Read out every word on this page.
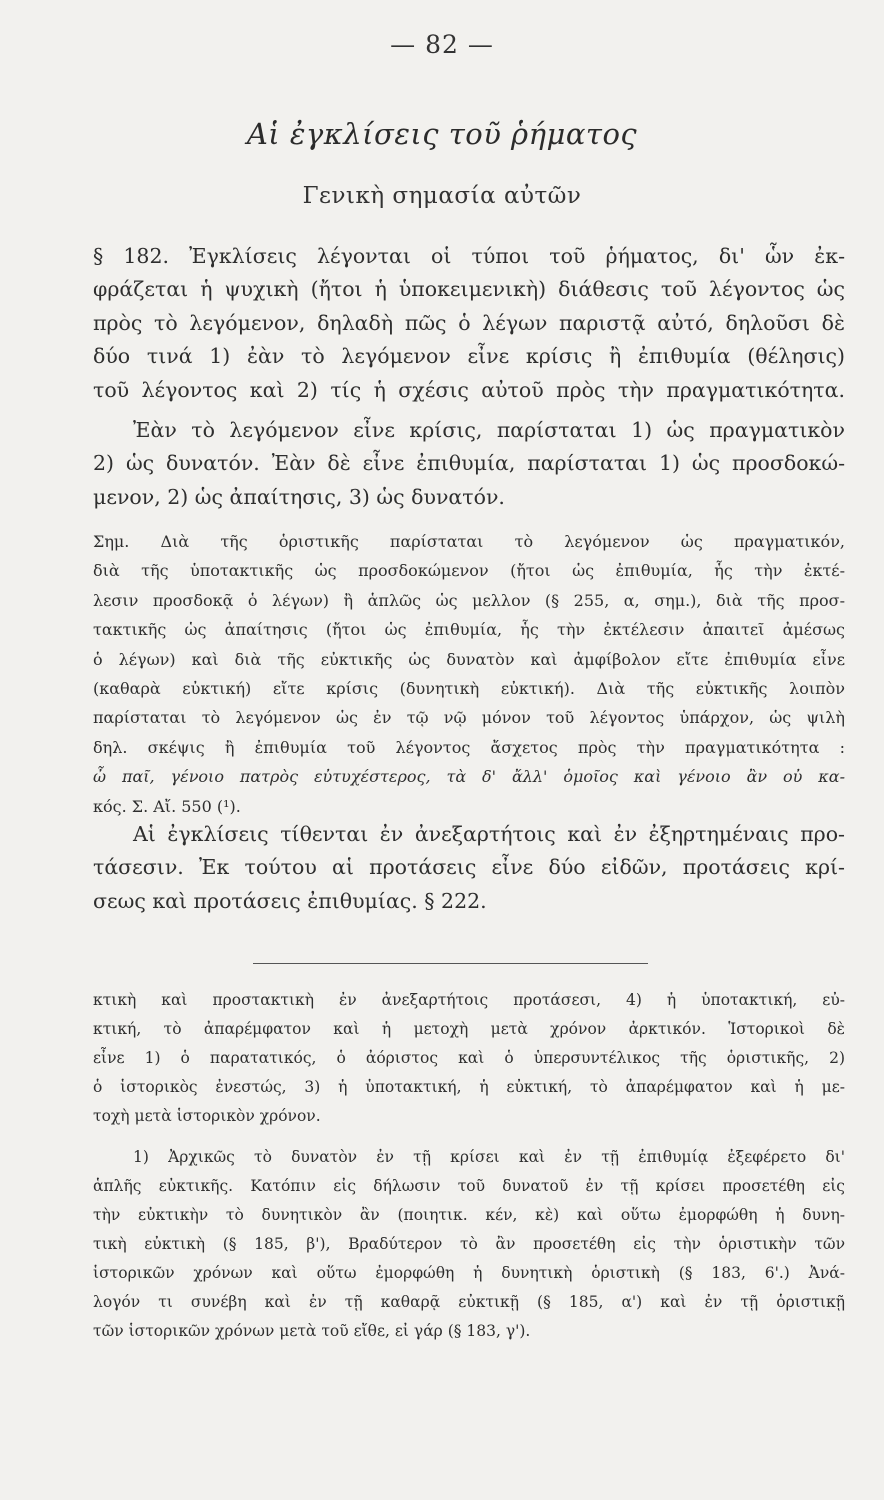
— 82 —
Αἱ ἐγκλίσεις τοῦ ῥήματος
Γενικὴ σημασία αὐτῶν
§ 182. Ἐγκλίσεις λέγονται οἱ τύποι τοῦ ῥήματος, δι' ὧν ἐκ-
φράζεται ἡ ψυχικὴ (ἤτοι ἡ ὑποκειμενικὴ) διάθεσις τοῦ λέγοντος ὡς
πρὸς τὸ λεγόμενον, δηλαδὴ πῶς ὁ λέγων παριστᾷ αὐτό, δηλοῦσι δὲ
δύο τινά 1) ἐὰν τὸ λεγόμενον εἶνε κρίσις ἢ ἐπιθυμία (θέλησις)
τοῦ λέγοντος καὶ 2) τίς ἡ σχέσις αὐτοῦ πρὸς τὴν πραγματικότητα.
Ἐὰν τὸ λεγόμενον εἶνε κρίσις, παρίσταται 1) ὡς πραγματικὸν
2) ὡς δυνατόν. Ἐὰν δὲ εἶνε ἐπιθυμία, παρίσταται 1) ὡς προσδοκώ-
μενον, 2) ὡς ἀπαίτησις, 3) ὡς δυνατόν.
Σημ. Διὰ τῆς ὁριστικῆς παρίσταται τὸ λεγόμενον ὡς πραγματικόν,
διὰ τῆς ὑποτακτικῆς ὡς προσδοκώμενον (ἤτοι ὡς ἐπιθυμία, ἧς τὴν ἐκτέ-
λεσιν προσδοκᾷ ὁ λέγων) ἢ ἁπλῶς ὡς μελλον (§ 255, α, σημ.), διὰ τῆς προσ-
τακτικῆς ὡς ἀπαίτησις (ἤτοι ὡς ἐπιθυμία, ἧς τὴν ἐκτέλεσιν ἀπαιτεῖ ἀμέσως
ὁ λέγων) καὶ διὰ τῆς εὐκτικῆς ὡς δυνατὸν καὶ ἀμφίβολον εἴτε ἐπιθυμία εἶνε
(καθαρὰ εὐκτική) εἴτε κρίσις (δυνητικὴ εὐκτική). Διὰ τῆς εὐκτικῆς λοιπὸν
παρίσταται τὸ λεγόμενον ὡς ἐν τῷ νῷ μόνον τοῦ λέγοντος ὑπάρχον, ὡς ψιλὴ
δηλ. σκέψις ἢ ἐπιθυμία τοῦ λέγοντος ἄσχετος πρὸς τὴν πραγματικότητα :
ὦ παῖ, γένοιο πατρὸς εὐτυχέστερος, τὰ δ' ἄλλ' ὁμοῖος καὶ γένοιο ἂν οὐ κα-
κός. Σ. Αἴ. 550 (¹).
Αἱ ἐγκλίσεις τίθενται ἐν ἀνεξαρτήτοις καὶ ἐν ἐξηρτημέναις προ-
τάσεσιν. Ἐκ τούτου αἱ προτάσεις εἶνε δύο εἰδῶν, προτάσεις κρί-
σεως καὶ προτάσεις ἐπιθυμίας. § 222.
κτικὴ καὶ προστακτικὴ ἐν ἀνεξαρτήτοις προτάσεσι, 4) ἡ ὑποτακτική, εὐ-
κτική, τὸ ἀπαρέμφατον καὶ ἡ μετοχὴ μετὰ χρόνον ἀρκτικόν. Ἱστορικοὶ δὲ
εἶνε 1) ὁ παρατατικός, ὁ ἀόριστος καὶ ὁ ὑπερσυντέλικος τῆς ὁριστικῆς, 2)
ὁ ἱστορικὸς ἐνεστώς, 3) ἡ ὑποτακτική, ἡ εὐκτική, τὸ ἀπαρέμφατον καὶ ἡ με-
τοχὴ μετὰ ἱστορικὸν χρόνον.
1) Ἀρχικῶς τὸ δυνατὸν ἐν τῇ κρίσει καὶ ἐν τῇ ἐπιθυμίᾳ ἐξεφέρετο δι'
ἁπλῆς εὐκτικῆς. Κατόπιν εἰς δήλωσιν τοῦ δυνατοῦ ἐν τῇ κρίσει προσετέθη εἰς
τὴν εὐκτικὴν τὸ δυνητικὸν ἂν (ποιητικ. κέν, κὲ) καὶ οὕτω ἐμορφώθη ἡ δυνη-
τικὴ εὐκτικὴ (§ 185, β'), Βραδύτερον τὸ ἂν προσετέθη εἰς τὴν ὁριστικὴν τῶν
ἱστορικῶν χρόνων καὶ οὕτω ἐμορφώθη ἡ δυνητικὴ ὁριστικὴ (§ 183, 6'.) Ἀνά-
λογόν τι συνέβη καὶ ἐν τῇ καθαρᾷ εὐκτικῇ (§ 185, α') καὶ ἐν τῇ ὁριστικῇ
τῶν ἱστορικῶν χρόνων μετὰ τοῦ εἴθε, εἰ γάρ (§ 183, γ').
